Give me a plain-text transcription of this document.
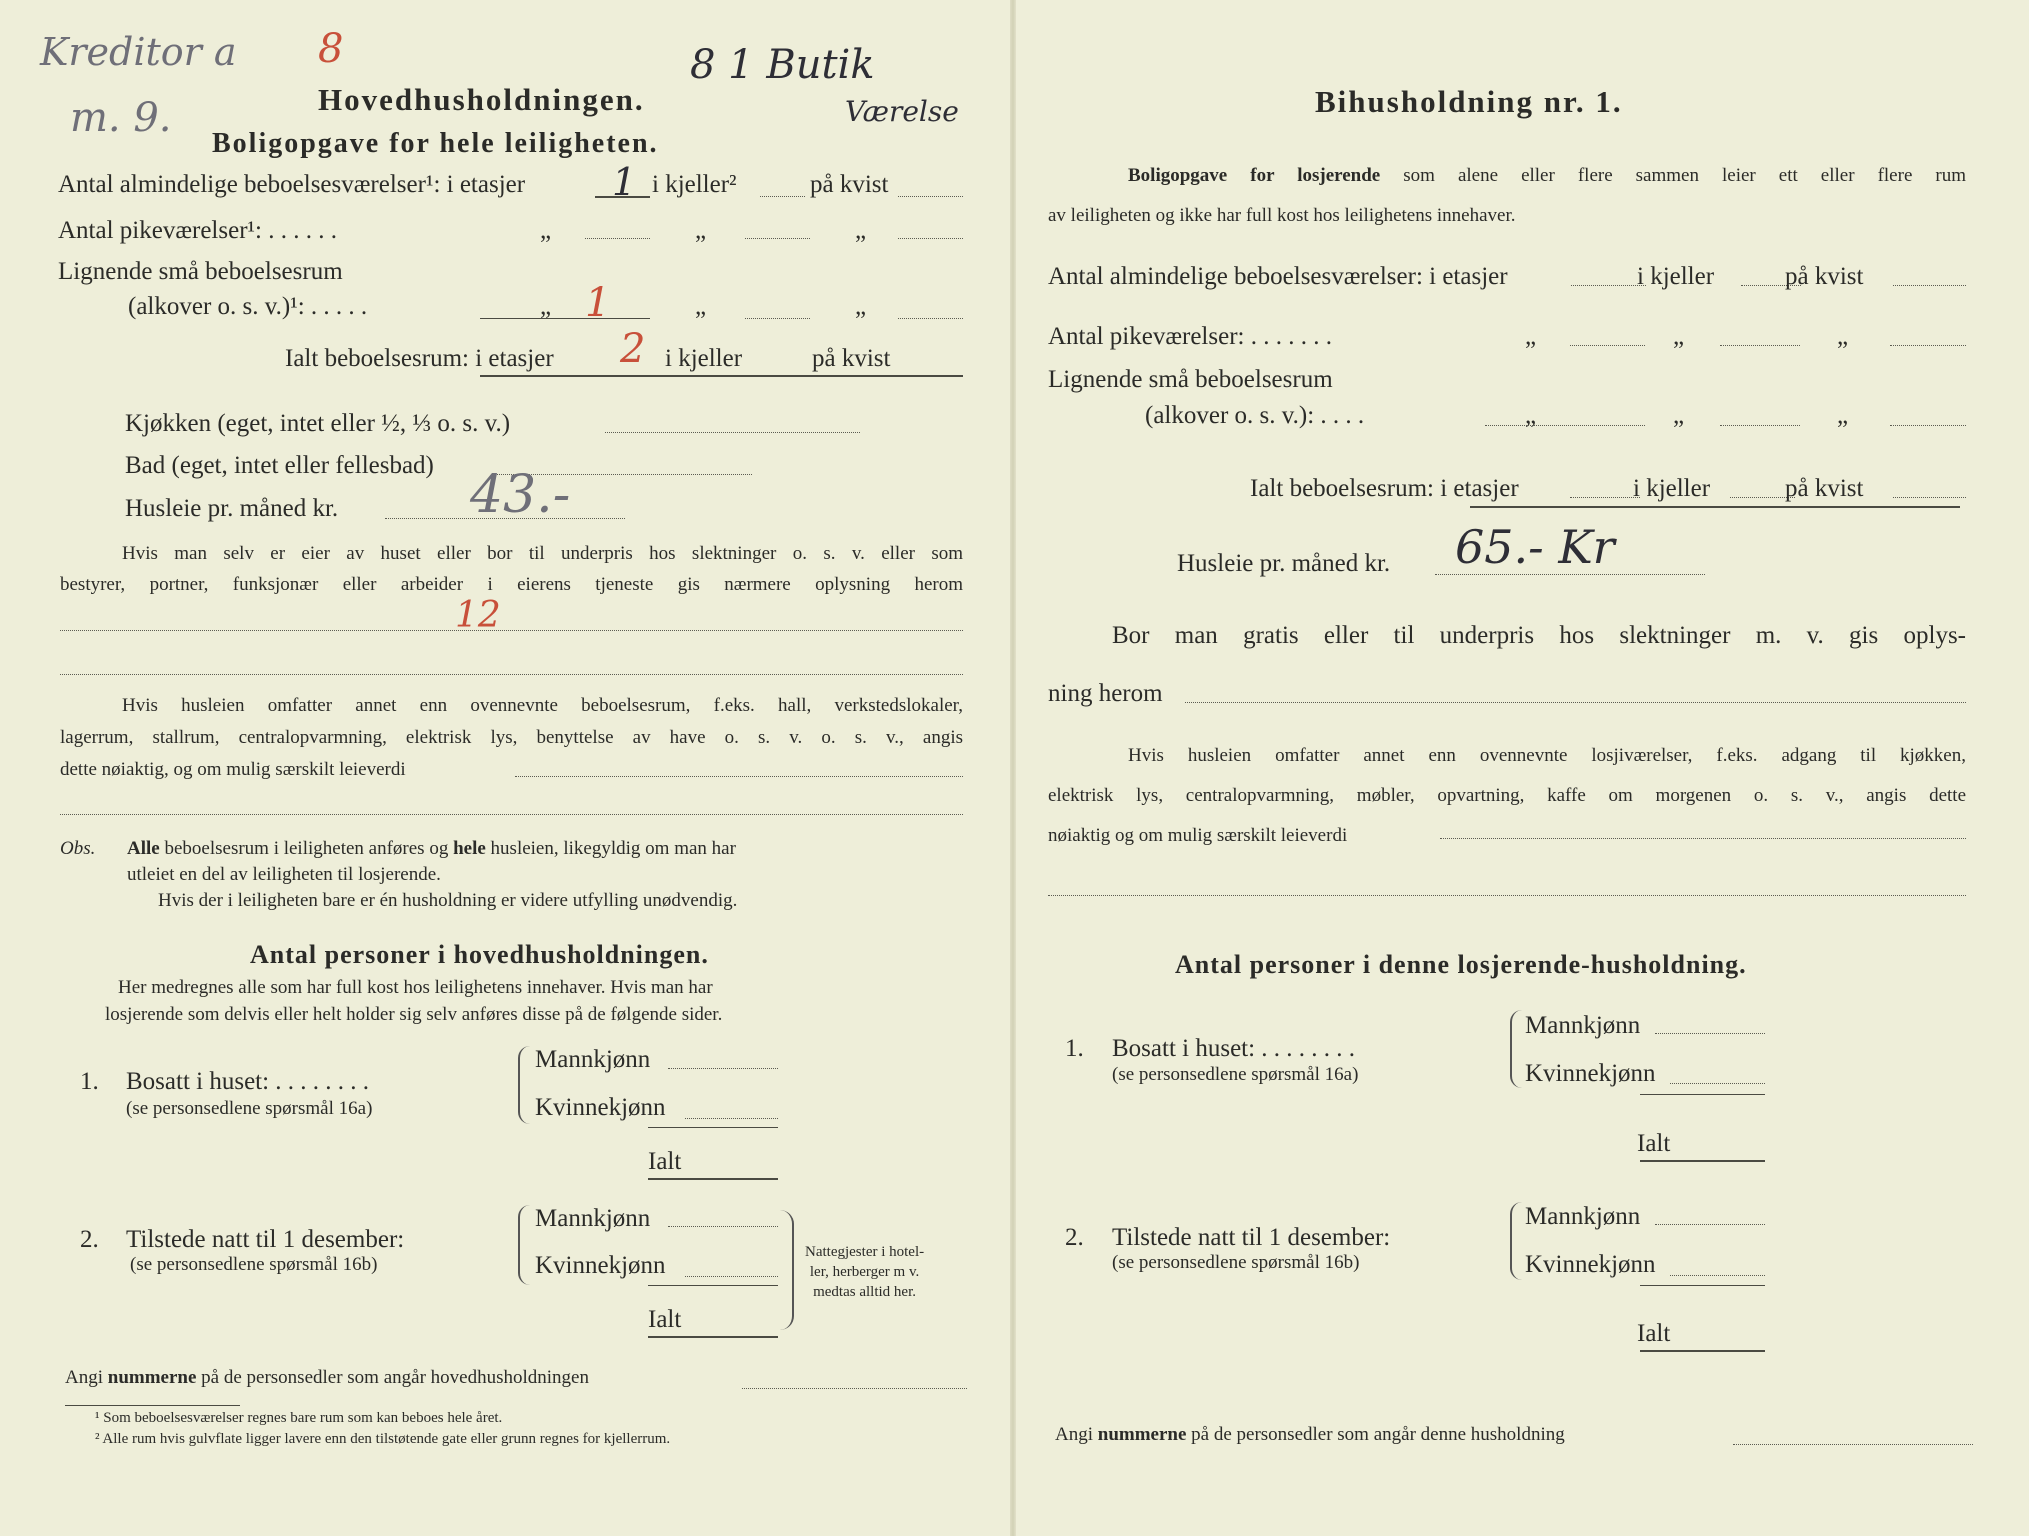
Kreditor a 8
m. 9.
8 1 Butik
Værelse
Hovedhusholdningen.
Boligopgave for hele leiligheten.
Antal almindelige beboelsesværelser¹: i etasjer 1 i kjeller²	på kvist
Antal pikeværelser¹: . . . . . .	„	„	„
Lignende små beboelsesrum
(alkover o. s. v.)¹: . . . . .	„ 1	„	„
Ialt beboelsesrum: i etasjer 2 i kjeller	på kvist
Kjøkken (eget, intet eller ½, ⅓ o. s. v.)
Bad (eget, intet eller fellesbad)
Husleie pr. måned kr.	43.-
Hvis man selv er eier av huset eller bor til underpris hos slektninger o. s. v. eller som
bestyrer, portner, funksjonær eller arbeider i eierens tjeneste gis nærmere oplysning herom
12
Hvis husleien omfatter annet enn ovennevnte beboelsesrum, f.eks. hall, verkstedslokaler,
lagerrum, stallrum, centralopvarmning, elektrisk lys, benyttelse av have o. s. v. o. s. v., angis
dette nøiaktig, og om mulig særskilt leieverdi
Obs. Alle beboelsesrum i leiligheten anføres og hele husleien, likegyldig om man har
utleiet en del av leiligheten til losjerende.
Hvis der i leiligheten bare er én husholdning er videre utfylling unødvendig.
Antal personer i hovedhusholdningen.
Her medregnes alle som har full kost hos leilighetens innehaver. Hvis man har
losjerende som delvis eller helt holder sig selv anføres disse på de følgende sider.
1. Bosatt i huset: . . . . . . . .
(se personsedlene spørsmål 16a)
Mannkjønn
Kvinnekjønn
Ialt
2. Tilstede natt til 1 desember:
(se personsedlene spørsmål 16b)
Mannkjønn
Kvinnekjønn
Ialt
Nattegjester i hotel-
ler, herberger m v.
medtas alltid her.
Angi nummerne på de personsedler som angår hovedhusholdningen
¹ Som beboelsesværelser regnes bare rum som kan beboes hele året.
² Alle rum hvis gulvflate ligger lavere enn den tilstøtende gate eller grunn regnes for kjellerrum.
Bihusholdning nr. 1.
Boligopgave for losjerende som alene eller flere sammen leier ett eller flere rum
av leiligheten og ikke har full kost hos leilighetens innehaver.
Antal almindelige beboelsesværelser: i etasjer	i kjeller	på kvist
Antal pikeværelser: . . . . . . .	„	„	„
Lignende små beboelsesrum
(alkover o. s. v.): . . . .	„	„	„
Ialt beboelsesrum: i etasjer	i kjeller	på kvist
Husleie pr. måned kr. 65.- Kr
Bor man gratis eller til underpris hos slektninger m. v. gis oplys-
ning herom
Hvis husleien omfatter annet enn ovennevnte losjiværelser, f.eks. adgang til kjøkken,
elektrisk lys, centralopvarmning, møbler, opvartning, kaffe om morgenen o. s. v., angis dette
nøiaktig og om mulig særskilt leieverdi
Antal personer i denne losjerende-husholdning.
1. Bosatt i huset: . . . . . . . .
(se personsedlene spørsmål 16a)
Mannkjønn
Kvinnekjønn
Ialt
2. Tilstede natt til 1 desember:
(se personsedlene spørsmål 16b)
Mannkjønn
Kvinnekjønn
Ialt
Angi nummerne på de personsedler som angår denne husholdning
